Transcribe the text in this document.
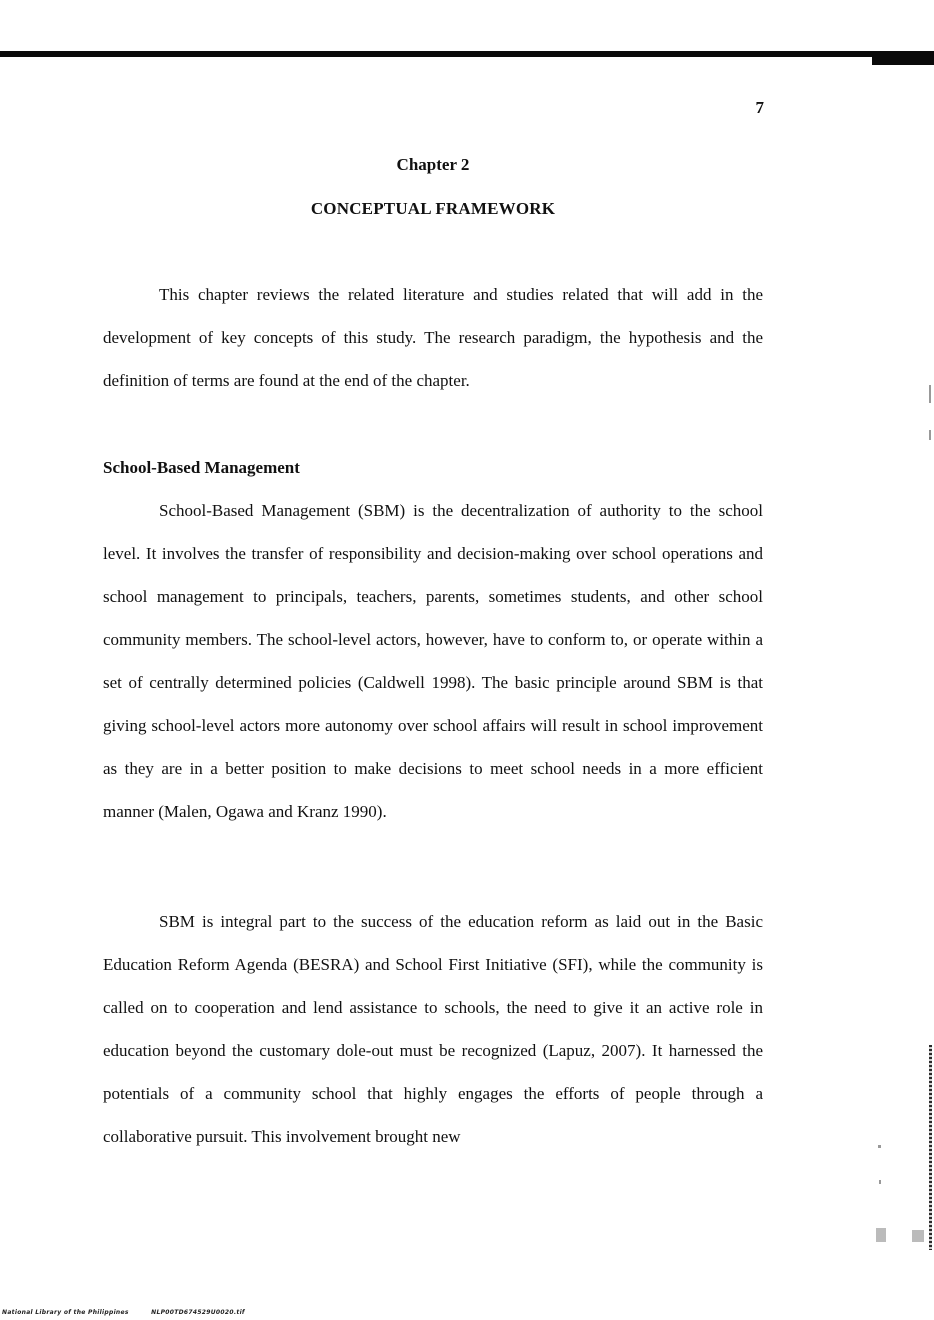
7
Chapter 2
CONCEPTUAL FRAMEWORK

This chapter reviews the related literature and studies related that will add in the development of key concepts of this study. The research paradigm, the hypothesis and the definition of terms are found at the end of the chapter.

School-Based Management

School-Based Management (SBM) is the decentralization of authority to the school level. It involves the transfer of responsibility and decision-making over school operations and school management to principals, teachers, parents, sometimes students, and other school community members. The school-level actors, however, have to conform to, or operate within a set of centrally determined policies (Caldwell 1998). The basic principle around SBM is that giving school-level actors more autonomy over school affairs will result in school improvement as they are in a better position to make decisions to meet school needs in a more efficient manner (Malen, Ogawa and Kranz 1990).

SBM is integral part to the success of the education reform as laid out in the Basic Education Reform Agenda (BESRA) and School First Initiative (SFI), while the community is called on to cooperation and lend assistance to schools, the need to give it an active role in education beyond the customary dole-out must be recognized (Lapuz, 2007). It harnessed the potentials of a community school that highly engages the efforts of people through a collaborative pursuit. This involvement brought new

National Library of the Philippines	NLP00TD674529U0020.tif
